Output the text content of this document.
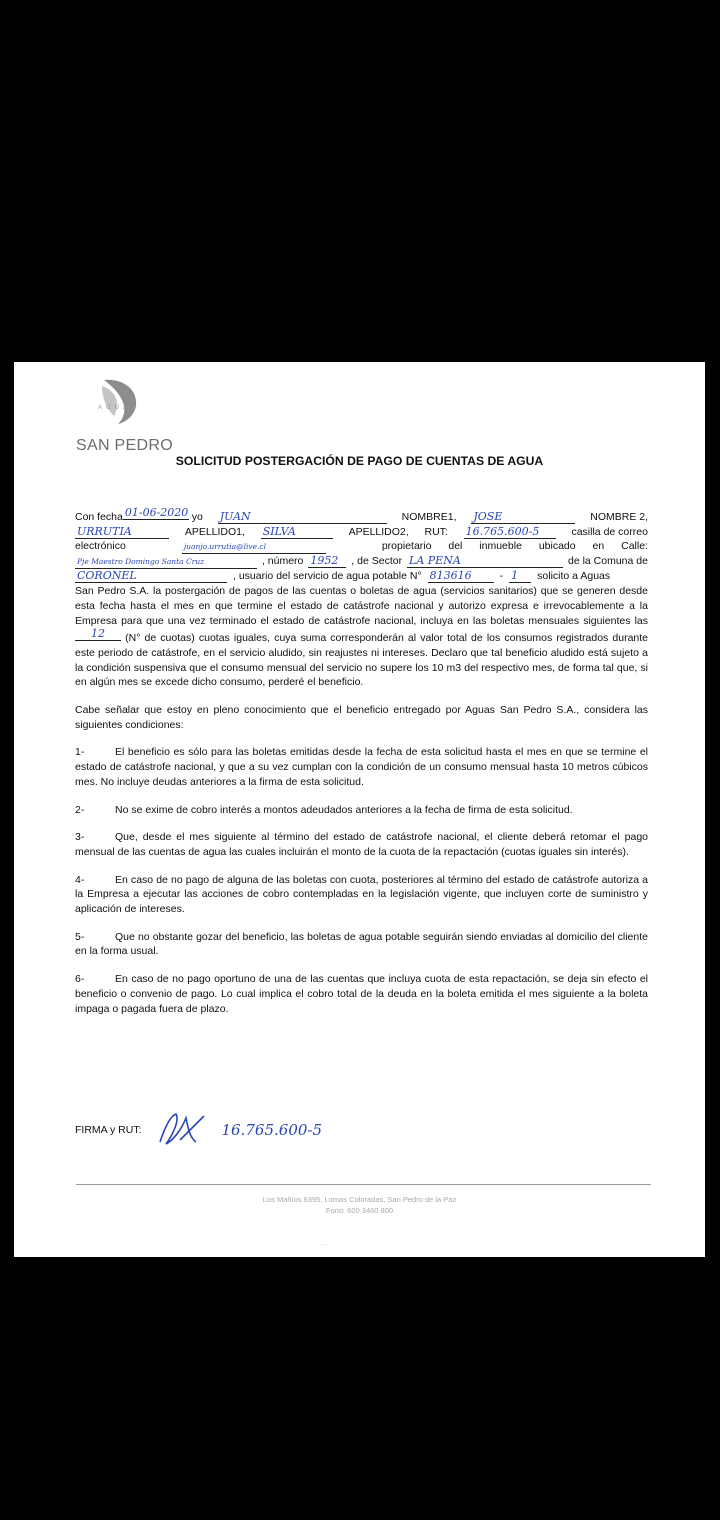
AGUAS
SAN PEDRO
SOLICITUD POSTERGACIÓN DE PAGO DE CUENTAS DE AGUA
Con fecha 01-06-2020 yo JUAN	NOMBRE1, JOSE	NOMBRE 2,
URRUTIA	APELLIDO1, SILVA	APELLIDO2, RUT: 16.765.600-5	casilla de correo
electrónico	juanjo.urrutia@live.cl	propietario del inmueble ubicado en Calle:
Pje Maestro Domingo Santa Cruz	, número 1952	, de Sector LA PEÑA	de la Comuna de
CORONEL	, usuario del servicio de agua potable N° 813616	- 1	solicito a Aguas

San Pedro S.A. la postergación de pagos de las cuentas o boletas de agua (servicios sanitarios) que se generen desde esta fecha hasta el mes en que termine el estado de catástrofe nacional y autorizo expresa e irrevocablemente a la Empresa para que una vez terminado el estado de catástrofe nacional, incluya en las boletas mensuales siguientes las 12 (N° de cuotas) cuotas iguales, cuya suma corresponderán al valor total de los consumos registrados durante este periodo de catástrofe, en el servicio aludido, sin reajustes ni intereses. Declaro que tal beneficio aludido está sujeto a la condición suspensiva que el consumo mensual del servicio no supere los 10 m3 del respectivo mes, de forma tal que, si en algún mes se excede dicho consumo, perderé el beneficio.

Cabe señalar que estoy en pleno conocimiento que el beneficio entregado por Aguas San Pedro S.A., considera las siguientes condiciones:

1-	El beneficio es sólo para las boletas emitidas desde la fecha de esta solicitud hasta el mes en que se termine el estado de catástrofe nacional, y que a su vez cumplan con la condición de un consumo mensual hasta 10 metros cúbicos mes. No incluye deudas anteriores a la firma de esta solicitud.

2-	No se exime de cobro interés a montos adeudados anteriores a la fecha de firma de esta solicitud.

3-	Que, desde el mes siguiente al término del estado de catástrofe nacional, el cliente deberá retomar el pago mensual de las cuentas de agua las cuales incluirán el monto de la cuota de la repactación (cuotas iguales sin interés).

4-	En caso de no pago de alguna de las boletas con cuota, posteriores al término del estado de catástrofe autoriza a la Empresa a ejecutar las acciones de cobro contempladas en la legislación vigente, que incluyen corte de suministro y aplicación de intereses.

5-	Que no obstante gozar del beneficio, las boletas de agua potable seguirán siendo enviadas al domicilio del cliente en la forma usual.

6-	En caso de no pago oportuno de una de las cuentas que incluya cuota de esta repactación, se deja sin efecto el beneficio o convenio de pago. Lo cual implica el cobro total de la deuda en la boleta emitida el mes siguiente a la boleta impaga o pagada fuera de plazo.

FIRMA y RUT:	16.765.600-5
Los Mañíos 6395, Lomas Coloradas, San Pedro de la Paz
Fono: 600 3460 800
····
